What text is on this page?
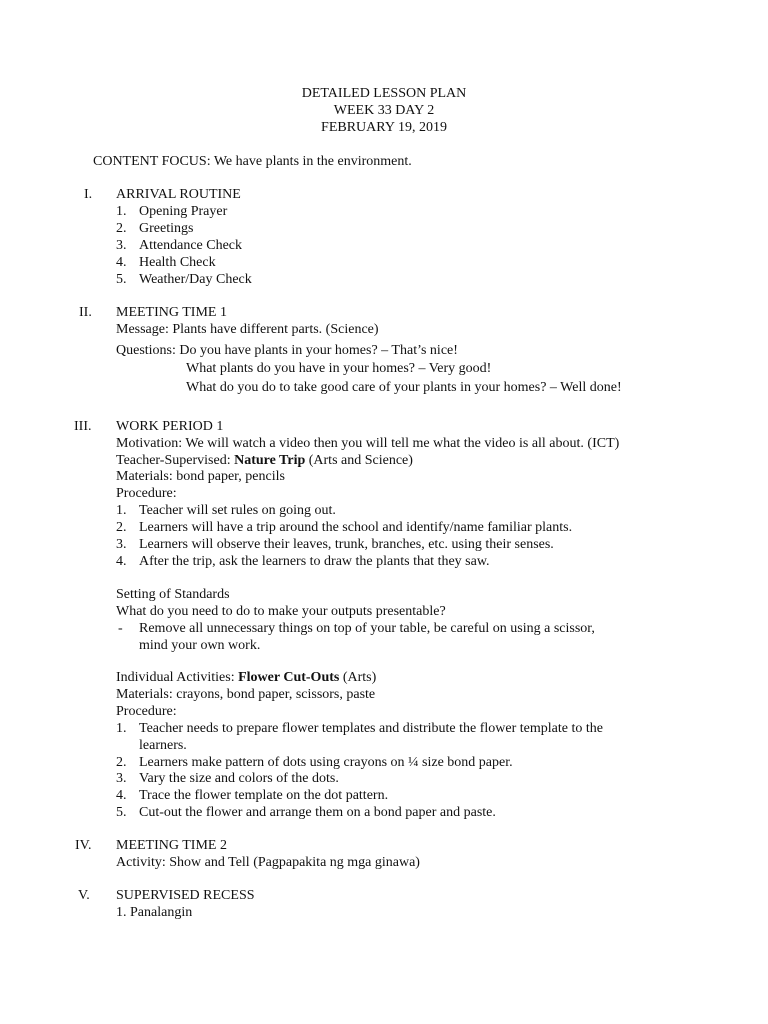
DETAILED LESSON PLAN
WEEK 33 DAY 2
FEBRUARY 19, 2019
CONTENT FOCUS: We have plants in the environment.
I. ARRIVAL ROUTINE
1. Opening Prayer
2. Greetings
3. Attendance Check
4. Health Check
5. Weather/Day Check
II. MEETING TIME 1
Message: Plants have different parts. (Science)
Questions: Do you have plants in your homes? – That’s nice!
What plants do you have in your homes? – Very good!
What do you do to take good care of your plants in your homes? – Well done!
III. WORK PERIOD 1
Motivation: We will watch a video then you will tell me what the video is all about. (ICT)
Teacher-Supervised: Nature Trip (Arts and Science)
Materials: bond paper, pencils
Procedure:
1. Teacher will set rules on going out.
2. Learners will have a trip around the school and identify/name familiar plants.
3. Learners will observe their leaves, trunk, branches, etc. using their senses.
4. After the trip, ask the learners to draw the plants that they saw.
Setting of Standards
What do you need to do to make your outputs presentable?
- Remove all unnecessary things on top of your table, be careful on using a scissor,
mind your own work.
Individual Activities: Flower Cut-Outs (Arts)
Materials: crayons, bond paper, scissors, paste
Procedure:
1. Teacher needs to prepare flower templates and distribute the flower template to the
learners.
2. Learners make pattern of dots using crayons on ¼ size bond paper.
3. Vary the size and colors of the dots.
4. Trace the flower template on the dot pattern.
5. Cut-out the flower and arrange them on a bond paper and paste.
IV. MEETING TIME 2
Activity: Show and Tell (Pagpapakita ng mga ginawa)
V. SUPERVISED RECESS
1. Panalangin
